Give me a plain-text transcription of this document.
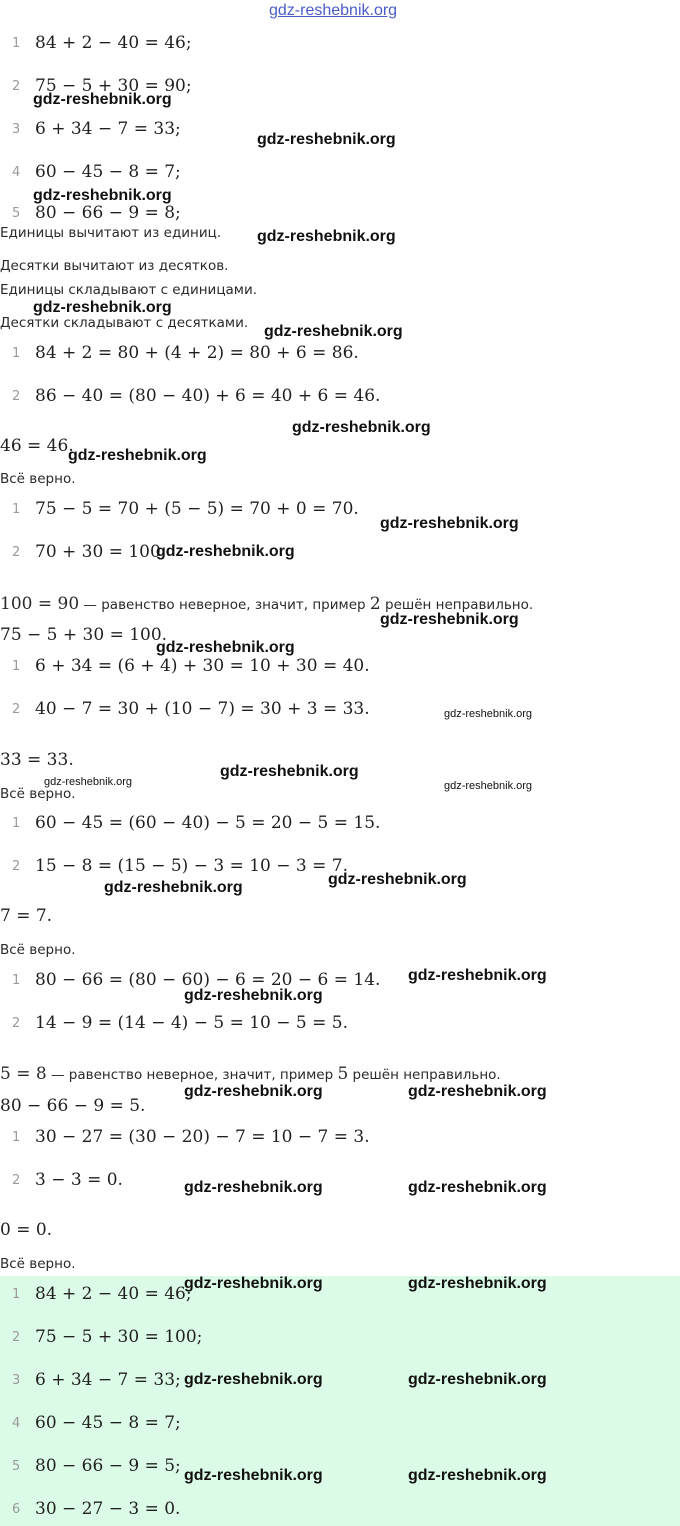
gdz-reshebnik.org
1 84 + 2 − 40 = 46;
2 75 − 5 + 30 = 90;
3 6 + 34 − 7 = 33;
4 60 − 45 − 8 = 7;
5 80 − 66 − 9 = 8;
Единицы вычитают из единиц.
Десятки вычитают из десятков.
Единицы складывают с единицами.
Десятки складывают с десятками.
1 84 + 2 = 80 + (4 + 2) = 80 + 6 = 86.
2 86 − 40 = (80 − 40) + 6 = 40 + 6 = 46.
46 = 46.
Всё верно.
1 75 − 5 = 70 + (5 − 5) = 70 + 0 = 70.
2 70 + 30 = 100.
100 = 90 — равенство неверное, значит, пример 2 решён неправильно.
75 − 5 + 30 = 100.
1 6 + 34 = (6 + 4) + 30 = 10 + 30 = 40.
2 40 − 7 = 30 + (10 − 7) = 30 + 3 = 33.
33 = 33.
Всё верно.
1 60 − 45 = (60 − 40) − 5 = 20 − 5 = 15.
2 15 − 8 = (15 − 5) − 3 = 10 − 3 = 7.
7 = 7.
Всё верно.
1 80 − 66 = (80 − 60) − 6 = 20 − 6 = 14.
2 14 − 9 = (14 − 4) − 5 = 10 − 5 = 5.
5 = 8 — равенство неверное, значит, пример 5 решён неправильно.
80 − 66 − 9 = 5.
1 30 − 27 = (30 − 20) − 7 = 10 − 7 = 3.
2 3 − 3 = 0.
0 = 0.
Всё верно.
1 84 + 2 − 40 = 46;
2 75 − 5 + 30 = 100;
3 6 + 34 − 7 = 33;
4 60 − 45 − 8 = 7;
5 80 − 66 − 9 = 5;
6 30 − 27 − 3 = 0.
gdz-reshebnik.org
gdz-reshebnik.org
gdz-reshebnik.org
gdz-reshebnik.org
gdz-reshebnik.org
gdz-reshebnik.org
gdz-reshebnik.org
gdz-reshebnik.org
gdz-reshebnik.org
gdz-reshebnik.org
gdz-reshebnik.org
gdz-reshebnik.org
gdz-reshebnik.org
gdz-reshebnik.org
gdz-reshebnik.org	gdz-reshebnik.org
gdz-reshebnik.org
gdz-reshebnik.org
gdz-reshebnik.org
gdz-reshebnik.org
gdz-reshebnik.org	gdz-reshebnik.org
gdz-reshebnik.org	gdz-reshebnik.org
gdz-reshebnik.org	gdz-reshebnik.org
gdz-reshebnik.org	gdz-reshebnik.org
gdz-reshebnik.org	gdz-reshebnik.org
